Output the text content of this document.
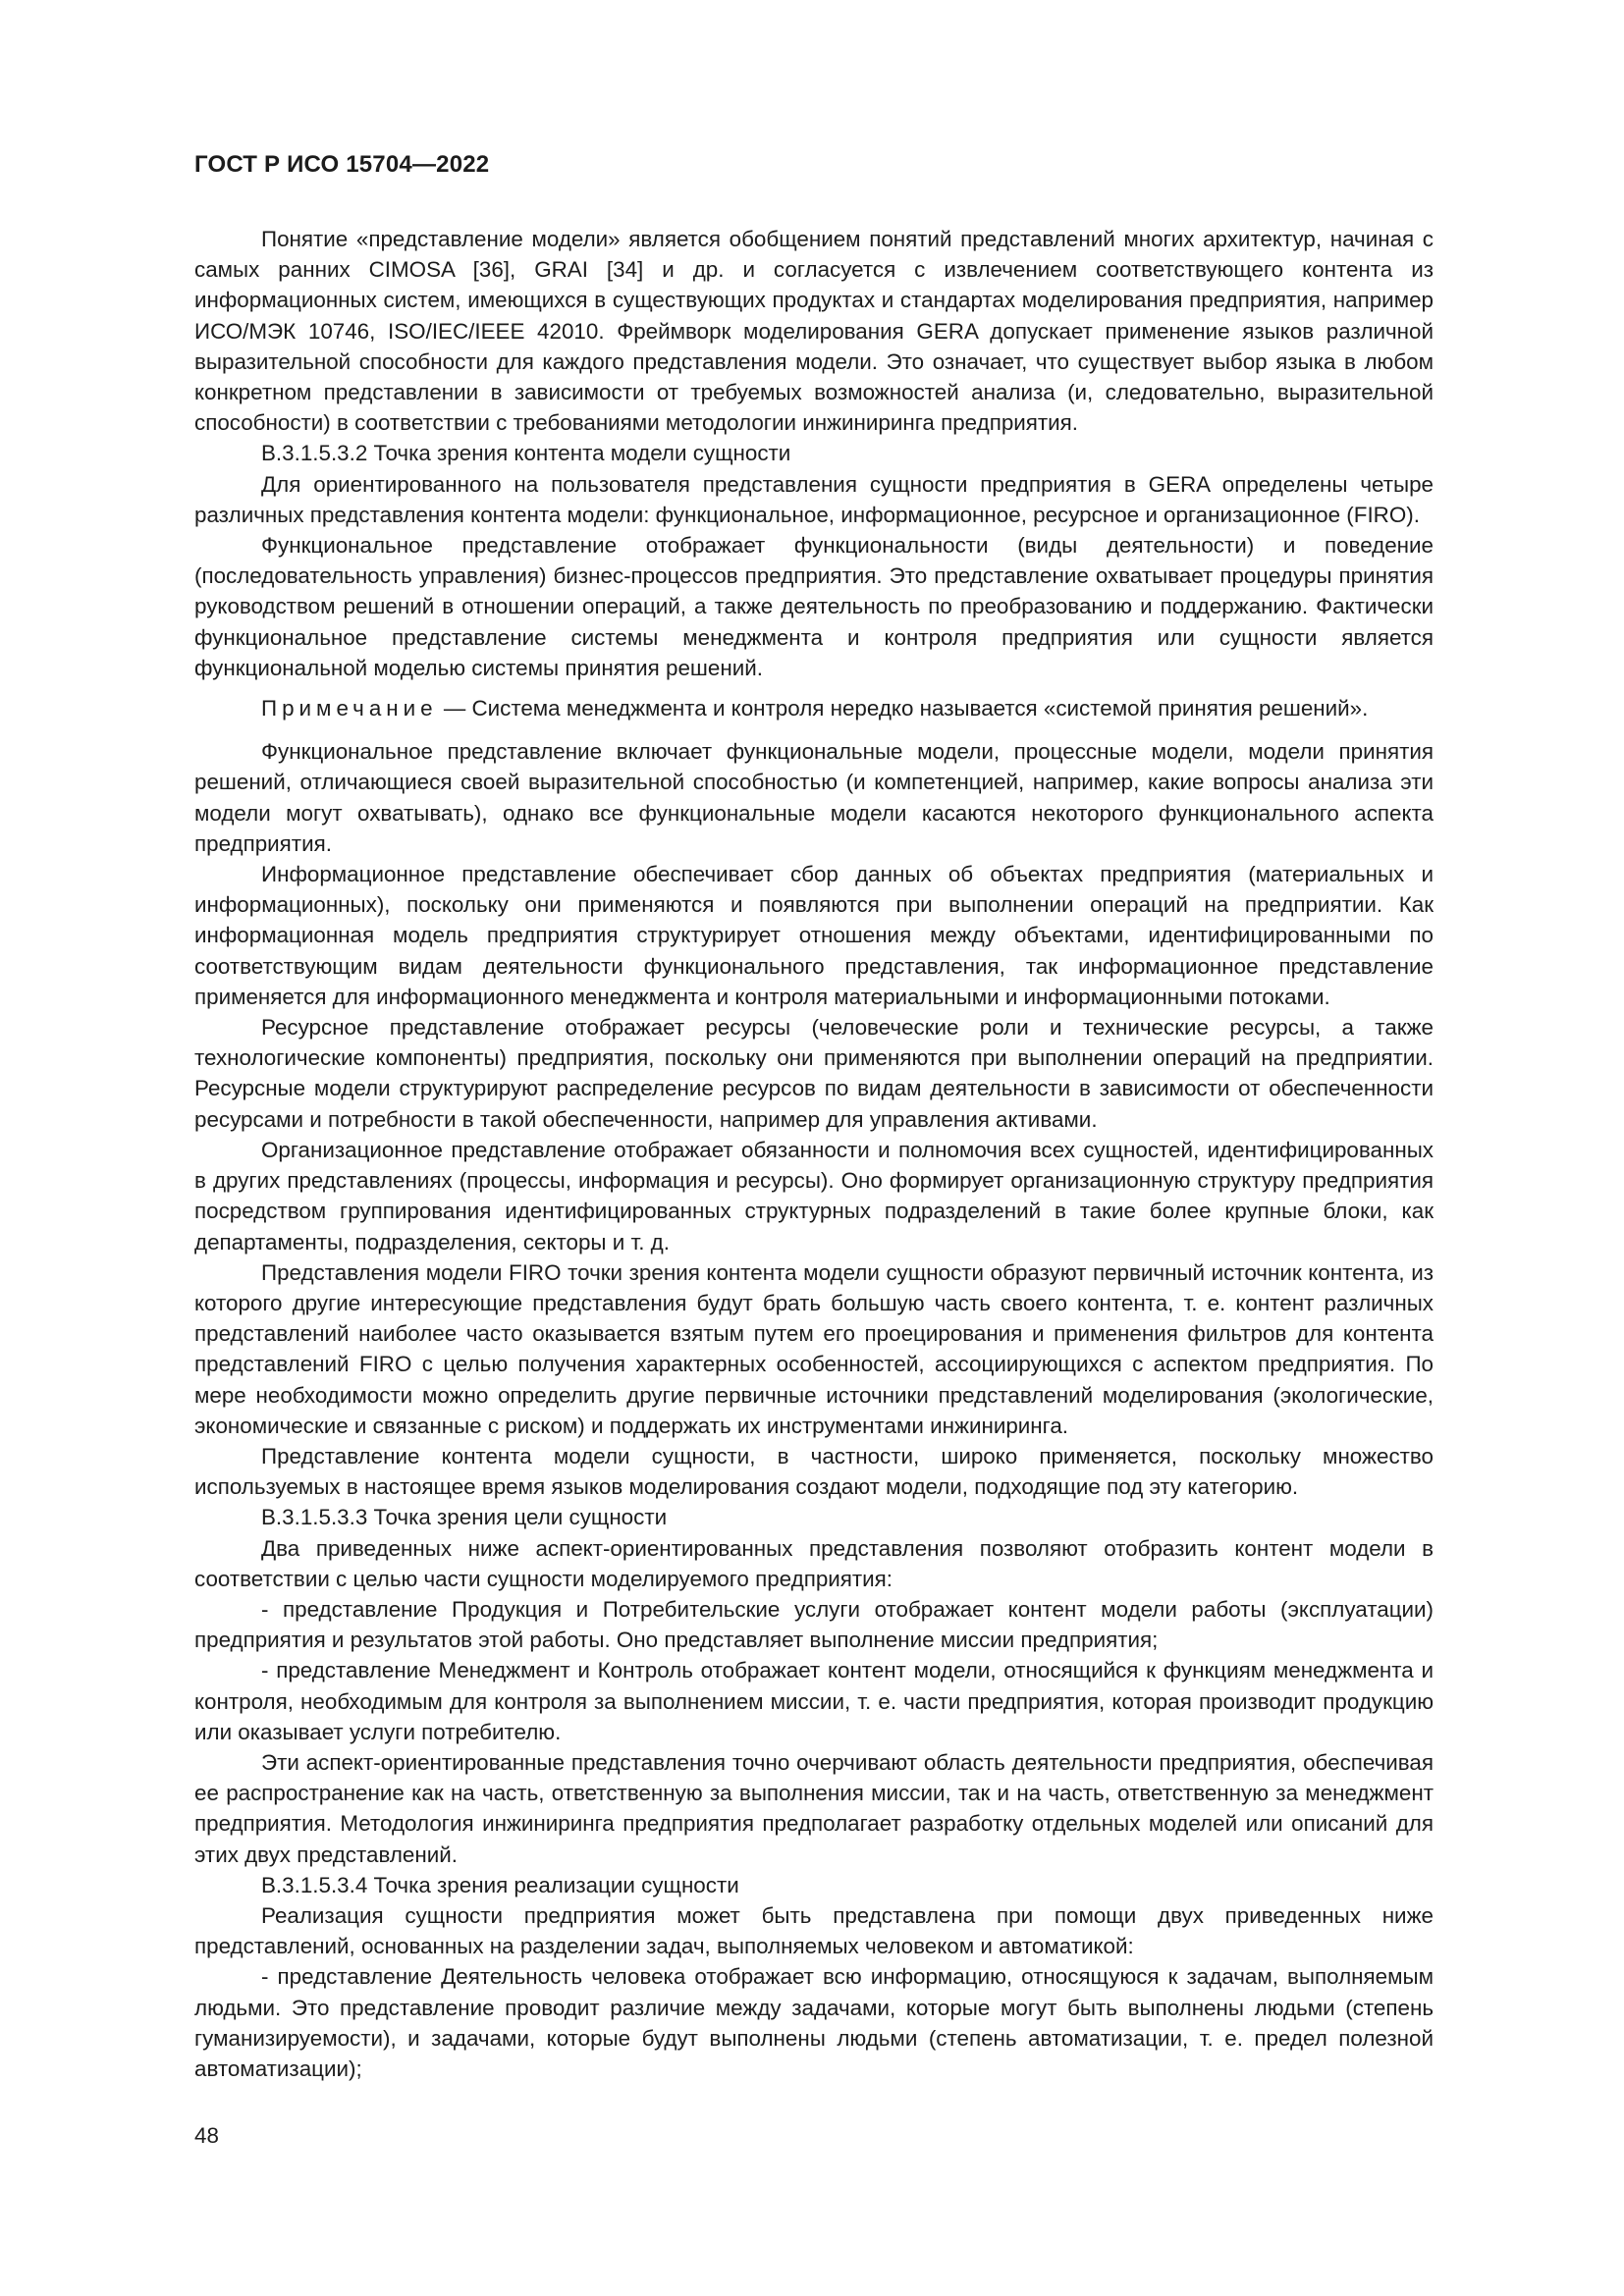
ГОСТ Р ИСО 15704—2022

Понятие «представление модели» является обобщением понятий представлений многих архитектур, начиная с самых ранних CIMOSA [36], GRAI [34] и др. и согласуется с извлечением соответствующего контента из информационных систем, имеющихся в существующих продуктах и стандартах моделирования предприятия, например ИСО/МЭК 10746, ISO/IEC/IEEE 42010. Фреймворк моделирования GERA допускает применение языков различной выразительной способности для каждого представления модели. Это означает, что существует выбор языка в любом конкретном представлении в зависимости от требуемых возможностей анализа (и, следовательно, выразительной способности) в соответствии с требованиями методологии инжиниринга предприятия.

В.3.1.5.3.2 Точка зрения контента модели сущности

Для ориентированного на пользователя представления сущности предприятия в GERA определены четыре различных представления контента модели: функциональное, информационное, ресурсное и организационное (FIRO).

Функциональное представление отображает функциональности (виды деятельности) и поведение (последовательность управления) бизнес-процессов предприятия. Это представление охватывает процедуры принятия руководством решений в отношении операций, а также деятельность по преобразованию и поддержанию. Фактически функциональное представление системы менеджмента и контроля предприятия или сущности является функциональной моделью системы принятия решений.

Примечание — Система менеджмента и контроля нередко называется «системой принятия решений».

Функциональное представление включает функциональные модели, процессные модели, модели принятия решений, отличающиеся своей выразительной способностью (и компетенцией, например, какие вопросы анализа эти модели могут охватывать), однако все функциональные модели касаются некоторого функционального аспекта предприятия.

Информационное представление обеспечивает сбор данных об объектах предприятия (материальных и информационных), поскольку они применяются и появляются при выполнении операций на предприятии. Как информационная модель предприятия структурирует отношения между объектами, идентифицированными по соответствующим видам деятельности функционального представления, так информационное представление применяется для информационного менеджмента и контроля материальными и информационными потоками.

Ресурсное представление отображает ресурсы (человеческие роли и технические ресурсы, а также технологические компоненты) предприятия, поскольку они применяются при выполнении операций на предприятии. Ресурсные модели структурируют распределение ресурсов по видам деятельности в зависимости от обеспеченности ресурсами и потребности в такой обеспеченности, например для управления активами.

Организационное представление отображает обязанности и полномочия всех сущностей, идентифицированных в других представлениях (процессы, информация и ресурсы). Оно формирует организационную структуру предприятия посредством группирования идентифицированных структурных подразделений в такие более крупные блоки, как департаменты, подразделения, секторы и т. д.

Представления модели FIRO точки зрения контента модели сущности образуют первичный источник контента, из которого другие интересующие представления будут брать большую часть своего контента, т. е. контент различных представлений наиболее часто оказывается взятым путем его проецирования и применения фильтров для контента представлений FIRO с целью получения характерных особенностей, ассоциирующихся с аспектом предприятия. По мере необходимости можно определить другие первичные источники представлений моделирования (экологические, экономические и связанные с риском) и поддержать их инструментами инжиниринга.

Представление контента модели сущности, в частности, широко применяется, поскольку множество используемых в настоящее время языков моделирования создают модели, подходящие под эту категорию.

В.3.1.5.3.3 Точка зрения цели сущности

Два приведенных ниже аспект-ориентированных представления позволяют отобразить контент модели в соответствии с целью части сущности моделируемого предприятия:

- представление Продукция и Потребительские услуги отображает контент модели работы (эксплуатации) предприятия и результатов этой работы. Оно представляет выполнение миссии предприятия;

- представление Менеджмент и Контроль отображает контент модели, относящийся к функциям менеджмента и контроля, необходимым для контроля за выполнением миссии, т. е. части предприятия, которая производит продукцию или оказывает услуги потребителю.

Эти аспект-ориентированные представления точно очерчивают область деятельности предприятия, обеспечивая ее распространение как на часть, ответственную за выполнения миссии, так и на часть, ответственную за менеджмент предприятия. Методология инжиниринга предприятия предполагает разработку отдельных моделей или описаний для этих двух представлений.

В.3.1.5.3.4 Точка зрения реализации сущности

Реализация сущности предприятия может быть представлена при помощи двух приведенных ниже представлений, основанных на разделении задач, выполняемых человеком и автоматикой:

- представление Деятельность человека отображает всю информацию, относящуюся к задачам, выполняемым людьми. Это представление проводит различие между задачами, которые могут быть выполнены людьми (степень гуманизируемости), и задачами, которые будут выполнены людьми (степень автоматизации, т. е. предел полезной автоматизации);

48
